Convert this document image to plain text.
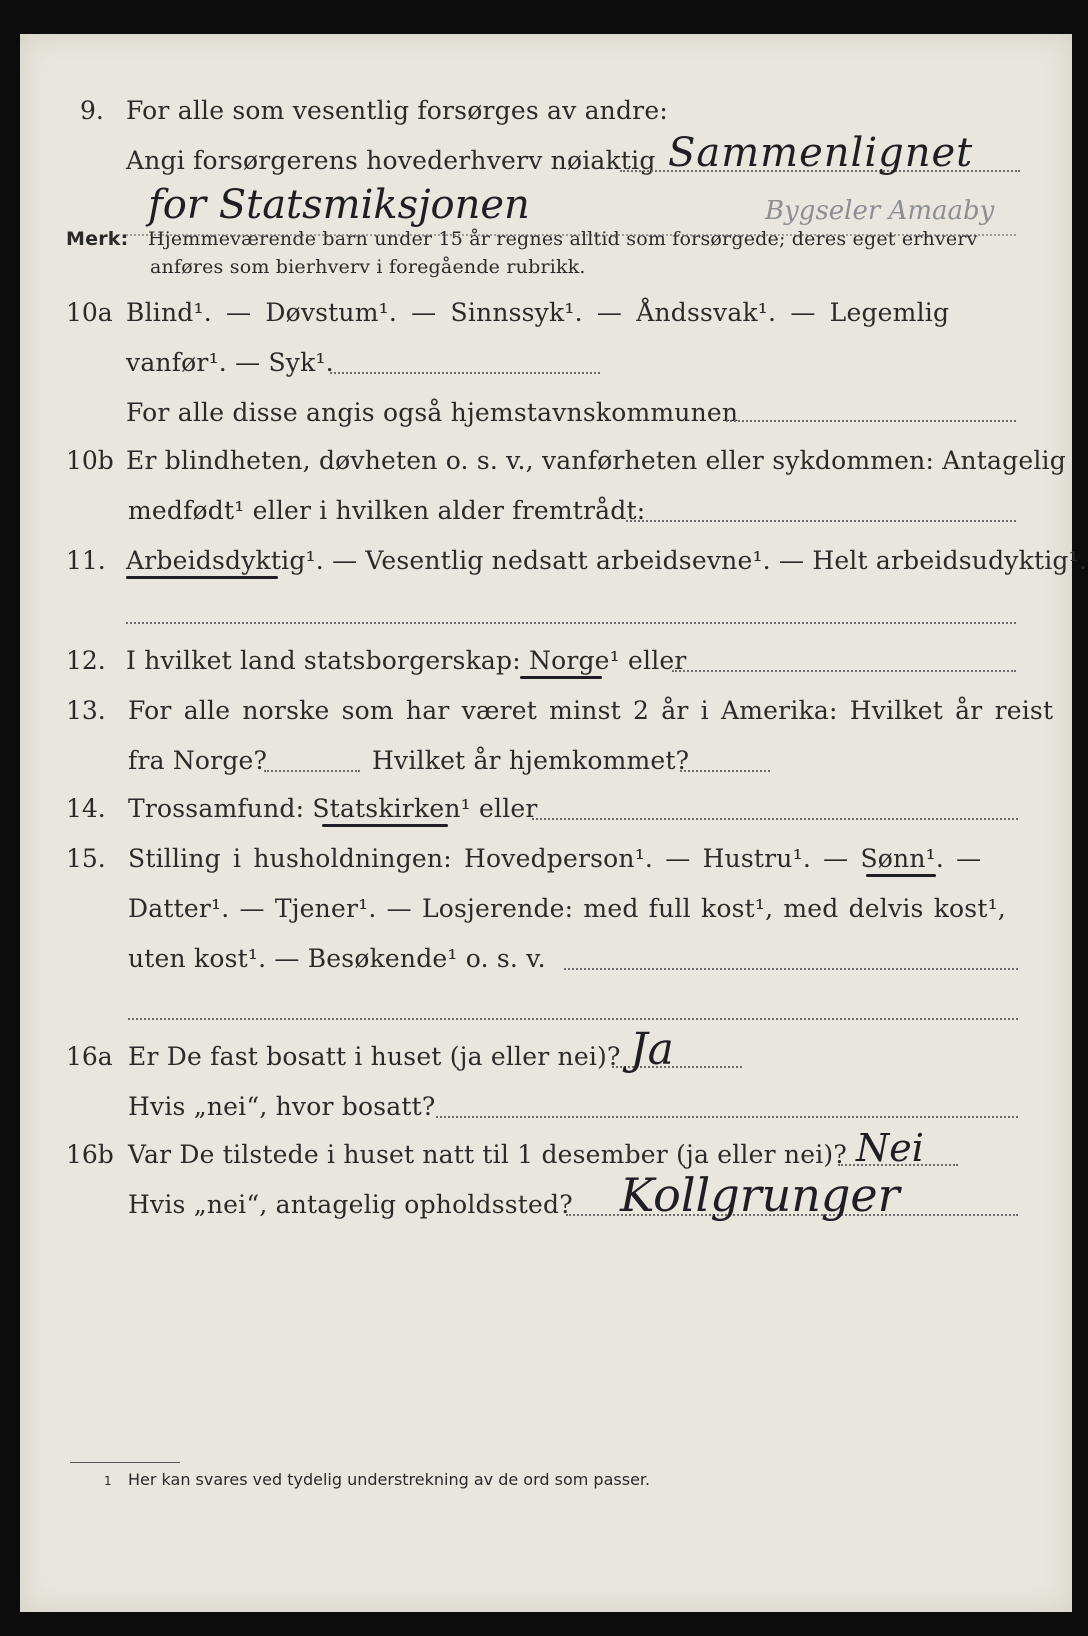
9. For alle som vesentlig forsørges av andre:
Angi forsørgerens hovederhverv nøiaktig Sammenlignet
for Statsmiksjonen	Bygseler Amaaby
Merk: Hjemmeværende barn under 15 år regnes alltid som forsørgede; deres eget erhverv
anføres som bierhverv i foregående rubrikk.
10a Blind¹. — Døvstum¹. — Sinnssyk¹. — Åndssvak¹. — Legemlig
vanfør¹. — Syk¹.
For alle disse angis også hjemstavnskommunen
10b Er blindheten, døvheten o. s. v., vanførheten eller sykdommen: Antagelig
medfødt¹ eller i hvilken alder fremtrådt:
11. Arbeidsdyktig¹. — Vesentlig nedsatt arbeidsevne¹. — Helt arbeidsudyktig¹.
12. I hvilket land statsborgerskap: Norge¹ eller
13. For alle norske som har været minst 2 år i Amerika: Hvilket år reist
fra Norge?	Hvilket år hjemkommet?
14. Trossamfund: Statskirken¹ eller
15. Stilling i husholdningen: Hovedperson¹. — Hustru¹. — Sønn¹. —
Datter¹. — Tjener¹. — Losjerende: med full kost¹, med delvis kost¹,
uten kost¹. — Besøkende¹ o. s. v.
16a Er De fast bosatt i huset (ja eller nei)? Ja
Hvis „nei“, hvor bosatt?
16b Var De tilstede i huset natt til 1 desember (ja eller nei)? Nei
Hvis „nei“, antagelig opholdssted? Kollgrunger
1 Her kan svares ved tydelig understrekning av de ord som passer.
